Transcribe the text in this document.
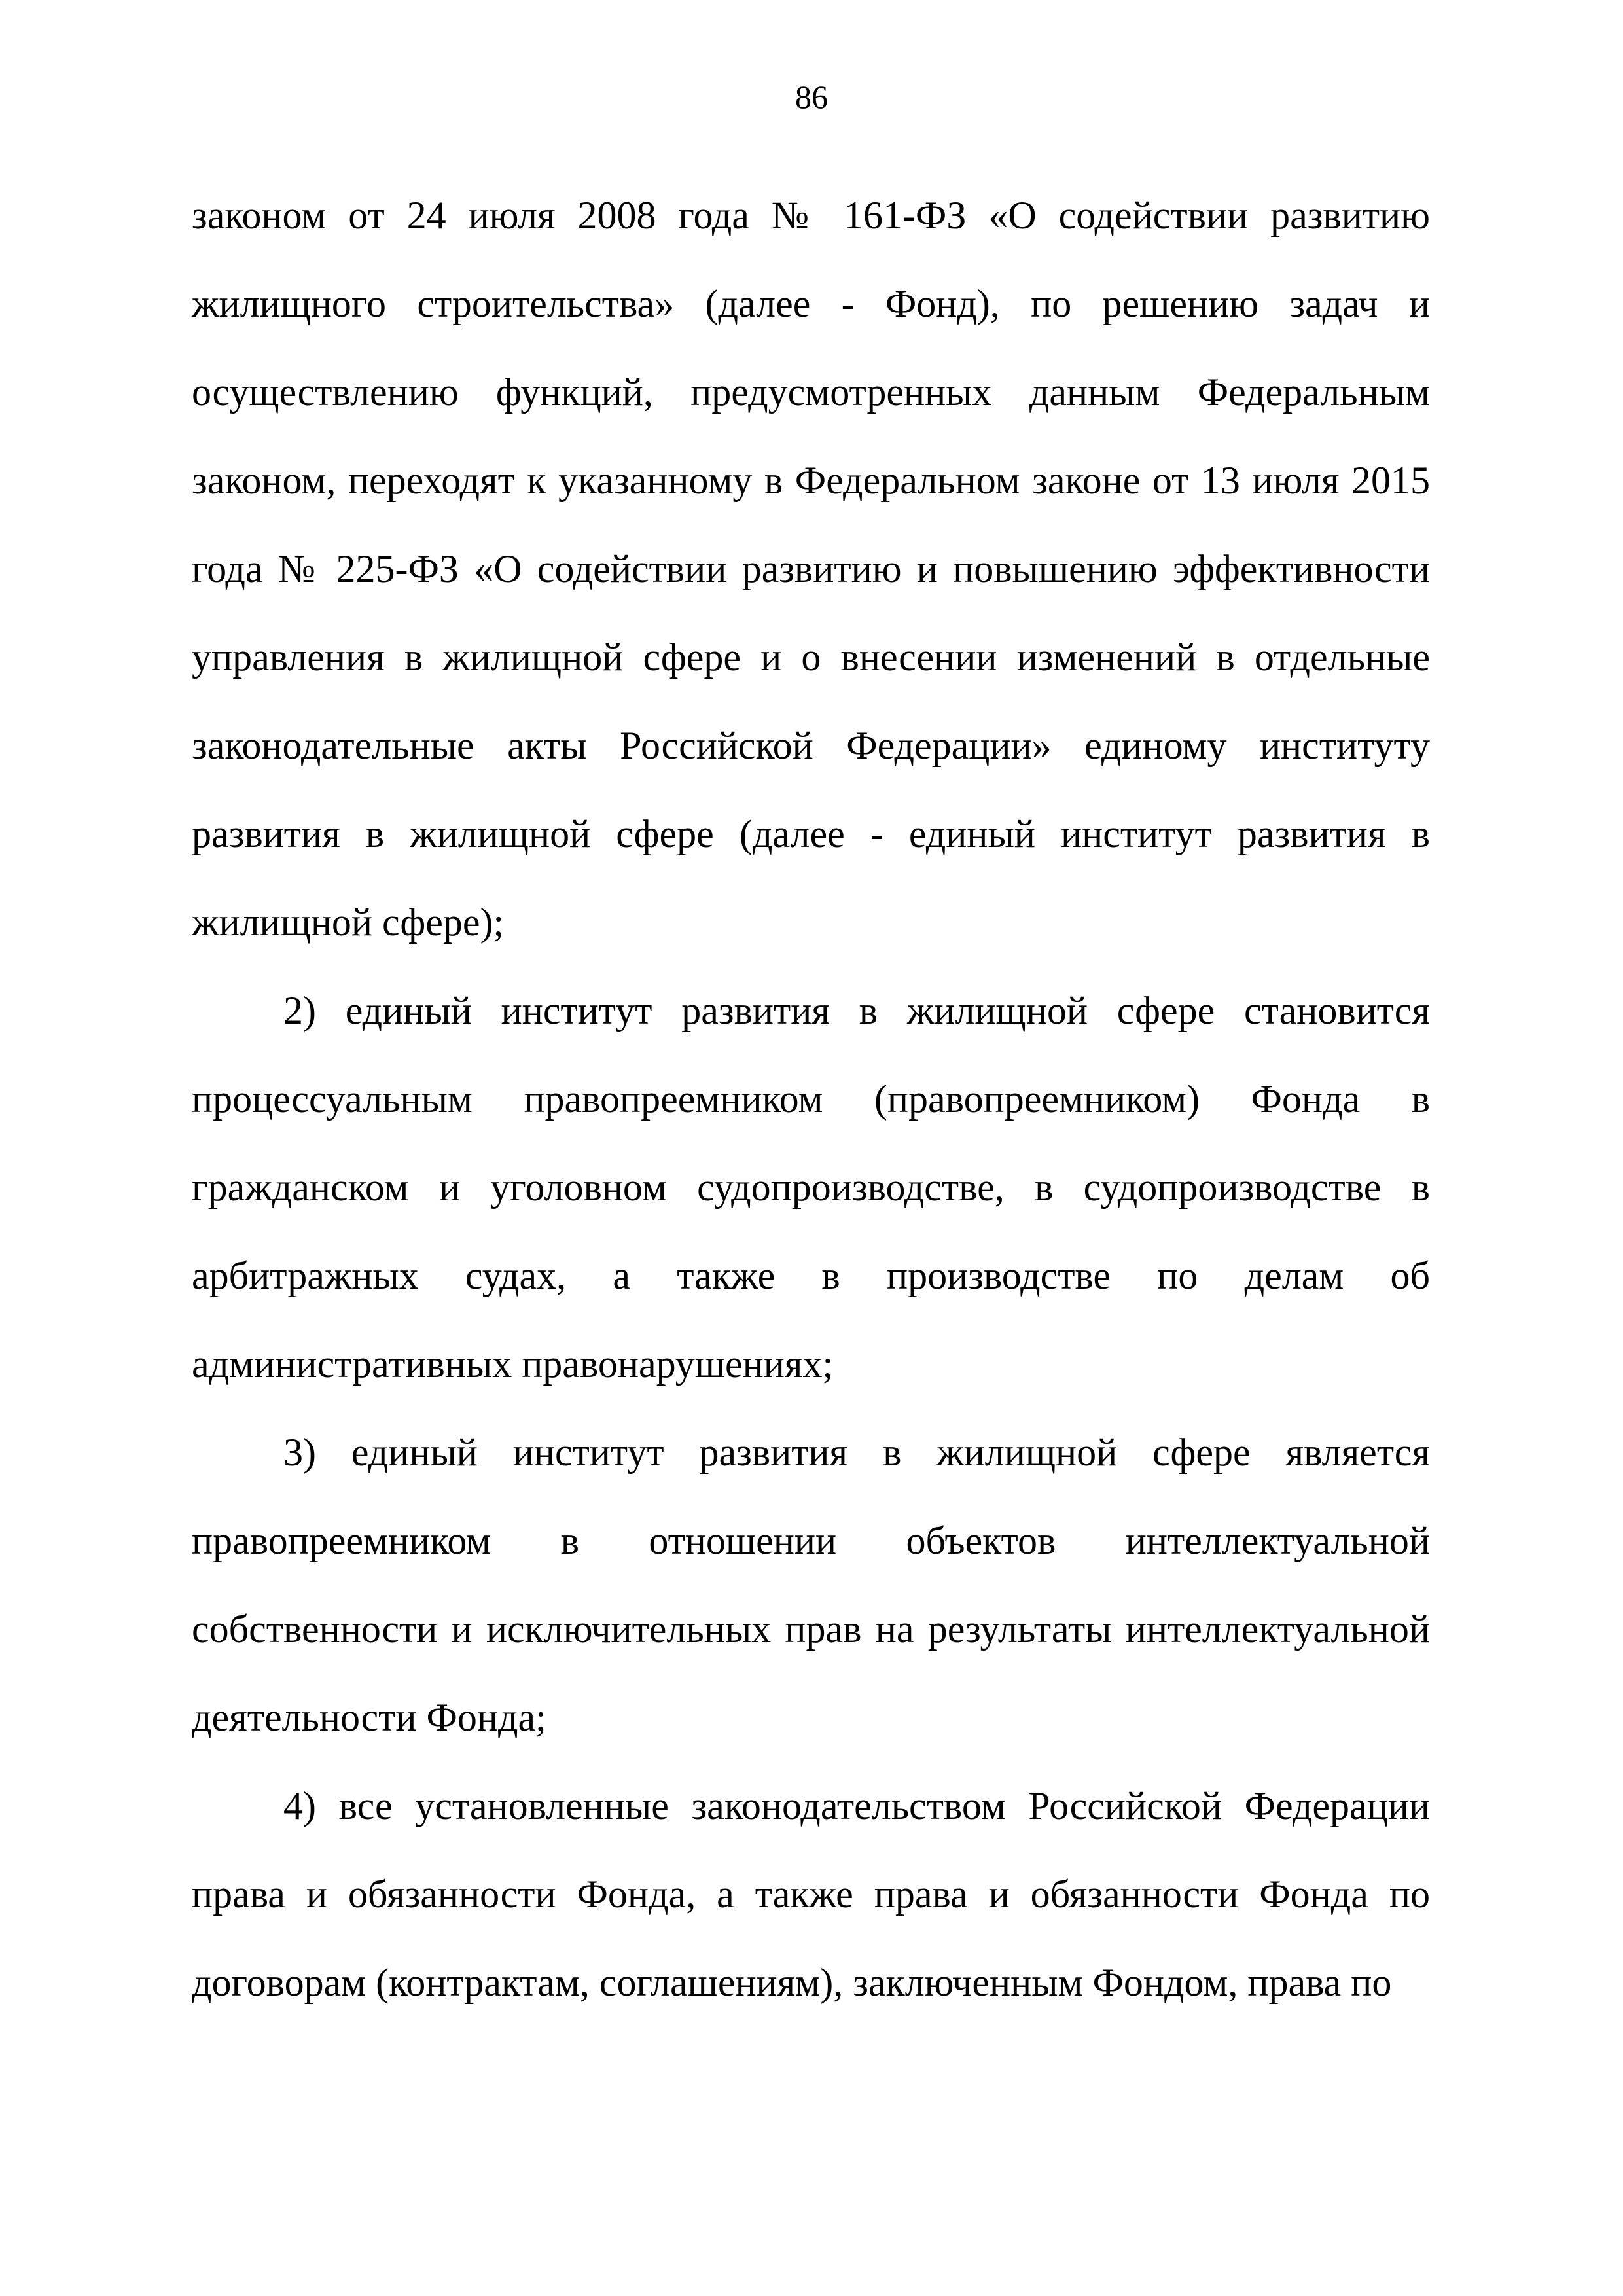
86

законом от 24 июля 2008 года № 161-ФЗ «О содействии развитию жилищного строительства» (далее - Фонд), по решению задач и осуществлению функций, предусмотренных данным Федеральным законом, переходят к указанному в Федеральном законе от 13 июля 2015 года № 225-ФЗ «О содействии развитию и повышению эффективности управления в жилищной сфере и о внесении изменений в отдельные законодательные акты Российской Федерации» единому институту развития в жилищной сфере (далее - единый институт развития в жилищной сфере);

2) единый институт развития в жилищной сфере становится процессуальным правопреемником (правопреемником) Фонда в гражданском и уголовном судопроизводстве, в судопроизводстве в арбитражных судах, а также в производстве по делам об административных правонарушениях;

3) единый институт развития в жилищной сфере является правопреемником в отношении объектов интеллектуальной собственности и исключительных прав на результаты интеллектуальной деятельности Фонда;

4) все установленные законодательством Российской Федерации права и обязанности Фонда, а также права и обязанности Фонда по договорам (контрактам, соглашениям), заключенным Фондом, права по
